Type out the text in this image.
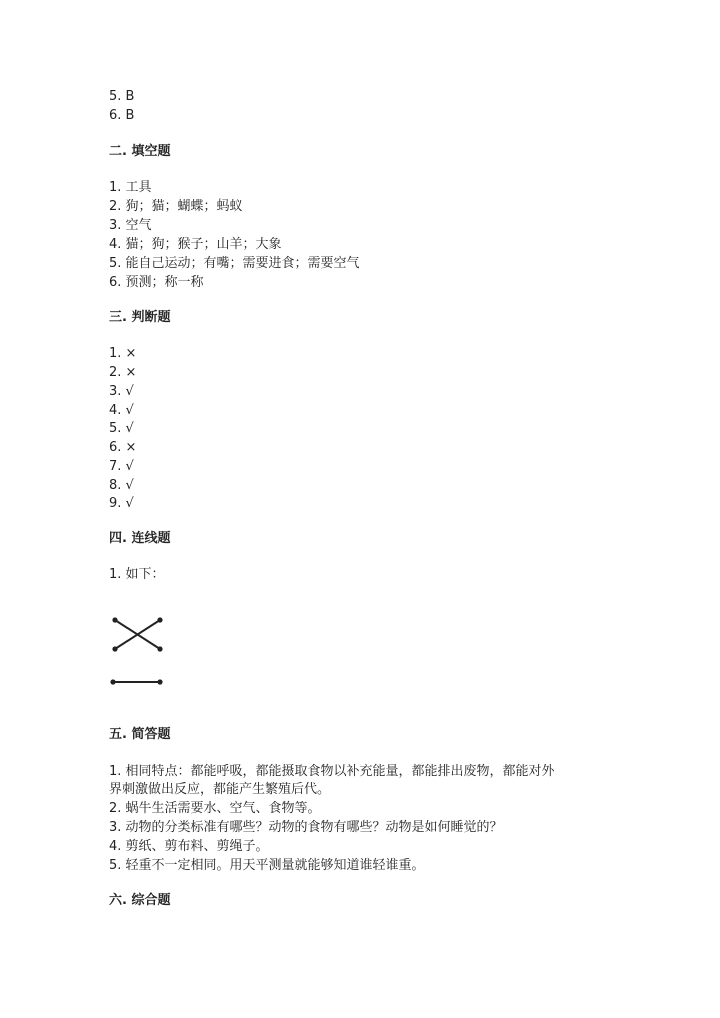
5. B
6. B
二. 填空题
1. 工具
2. 狗；猫；蝴蝶；蚂蚁
3. 空气
4. 猫；狗；猴子；山羊；大象
5. 能自己运动；有嘴；需要进食；需要空气
6. 预测；称一称
三. 判断题
1. ×
2. ×
3. √
4. √
5. √
6. ×
7. √
8. √
9. √
四. 连线题
1. 如下：
五. 简答题
1. 相同特点：都能呼吸，都能摄取食物以补充能量，都能排出废物，都能对外
界刺激做出反应，都能产生繁殖后代。
2. 蜗牛生活需要水、空气、食物等。
3. 动物的分类标准有哪些？动物的食物有哪些？动物是如何睡觉的？
4. 剪纸、剪布料、剪绳子。
5. 轻重不一定相同。用天平测量就能够知道谁轻谁重。
六. 综合题
